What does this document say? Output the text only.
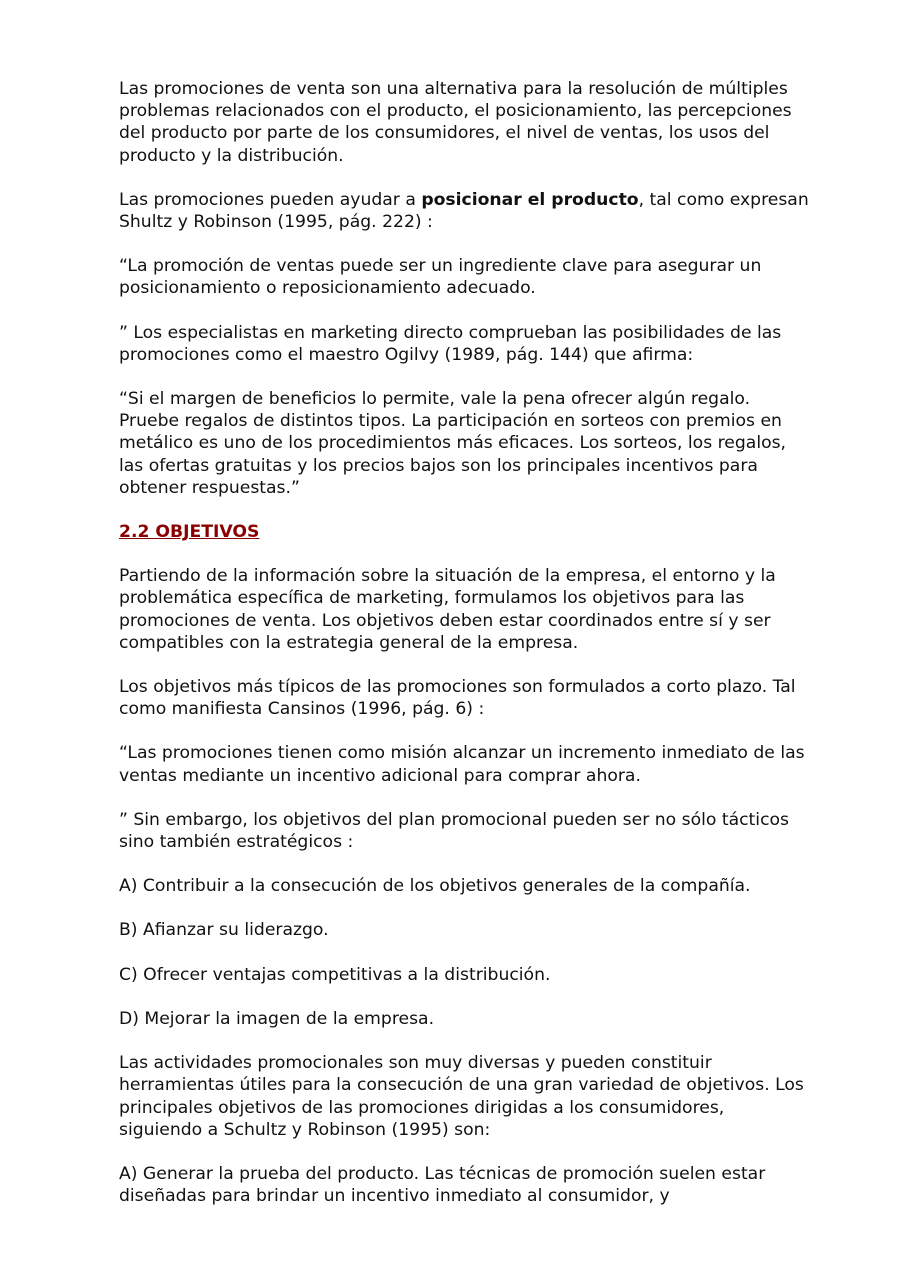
Las promociones de venta son una alternativa para la resolución de múltiples problemas relacionados con el producto, el posicionamiento, las percepciones del producto por parte de los consumidores, el nivel de ventas, los usos del producto y la distribución.

Las promociones pueden ayudar a posicionar el producto, tal como expresan Shultz y Robinson (1995, pág. 222) :

“La promoción de ventas puede ser un ingrediente clave para asegurar un posicionamiento o reposicionamiento adecuado.

” Los especialistas en marketing directo comprueban las posibilidades de las promociones como el maestro Ogilvy (1989, pág. 144) que afirma:

“Si el margen de beneficios lo permite, vale la pena ofrecer algún regalo. Pruebe regalos de distintos tipos. La participación en sorteos con premios en metálico es uno de los procedimientos más eficaces. Los sorteos, los regalos, las ofertas gratuitas y los precios bajos son los principales incentivos para obtener respuestas.”

2.2 OBJETIVOS

Partiendo de la información sobre la situación de la empresa, el entorno y la problemática específica de marketing, formulamos los objetivos para las promociones de venta. Los objetivos deben estar coordinados entre sí y ser compatibles con la estrategia general de la empresa.

Los objetivos más típicos de las promociones son formulados a corto plazo. Tal como manifiesta Cansinos (1996, pág. 6) :

“Las promociones tienen como misión alcanzar un incremento inmediato de las ventas mediante un incentivo adicional para comprar ahora.

” Sin embargo, los objetivos del plan promocional pueden ser no sólo tácticos sino también estratégicos :

A) Contribuir a la consecución de los objetivos generales de la compañía.

B) Afianzar su liderazgo.

C) Ofrecer ventajas competitivas a la distribución.

D) Mejorar la imagen de la empresa.

Las actividades promocionales son muy diversas y pueden constituir herramientas útiles para la consecución de una gran variedad de objetivos. Los principales objetivos de las promociones dirigidas a los consumidores, siguiendo a Schultz y Robinson (1995) son:

A) Generar la prueba del producto. Las técnicas de promoción suelen estar diseñadas para brindar un incentivo inmediato al consumidor, y
